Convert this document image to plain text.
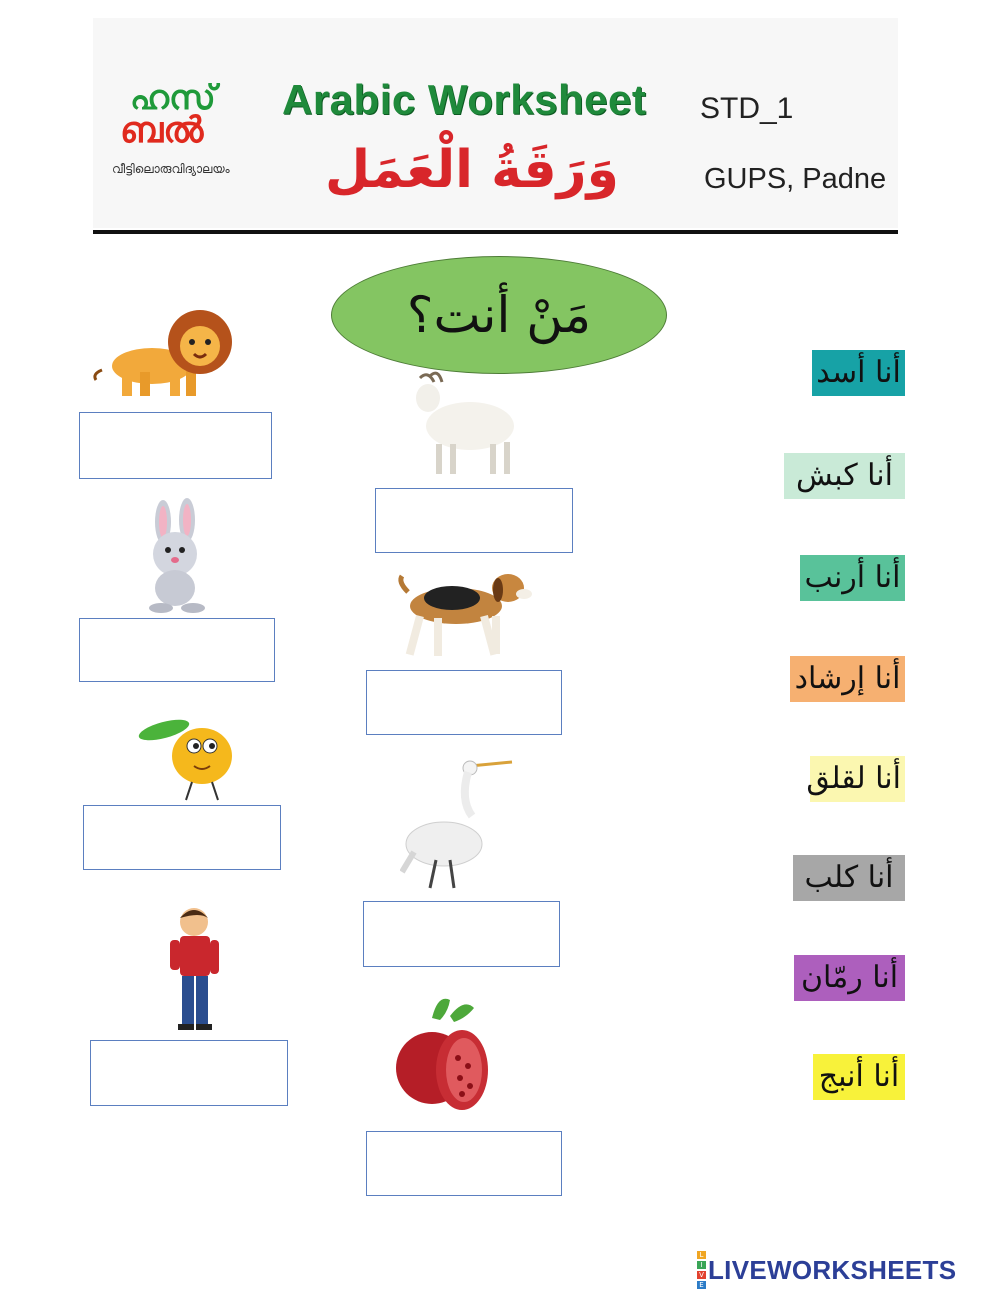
ഹസ്
ബൽ
വീട്ടിലൊരുവിദ്യാലയം
Arabic Worksheet
وَرَقَةُ الْعَمَل
STD_1
GUPS, Padne
مَنْ أنت؟
أنا أسد
أنا كبش
أنا أرنب
أنا إرشاد
أنا لقلق
أنا كلب
أنا رمّان
أنا أنبج
L
I
V
E
LIVEWORKSHEETS
